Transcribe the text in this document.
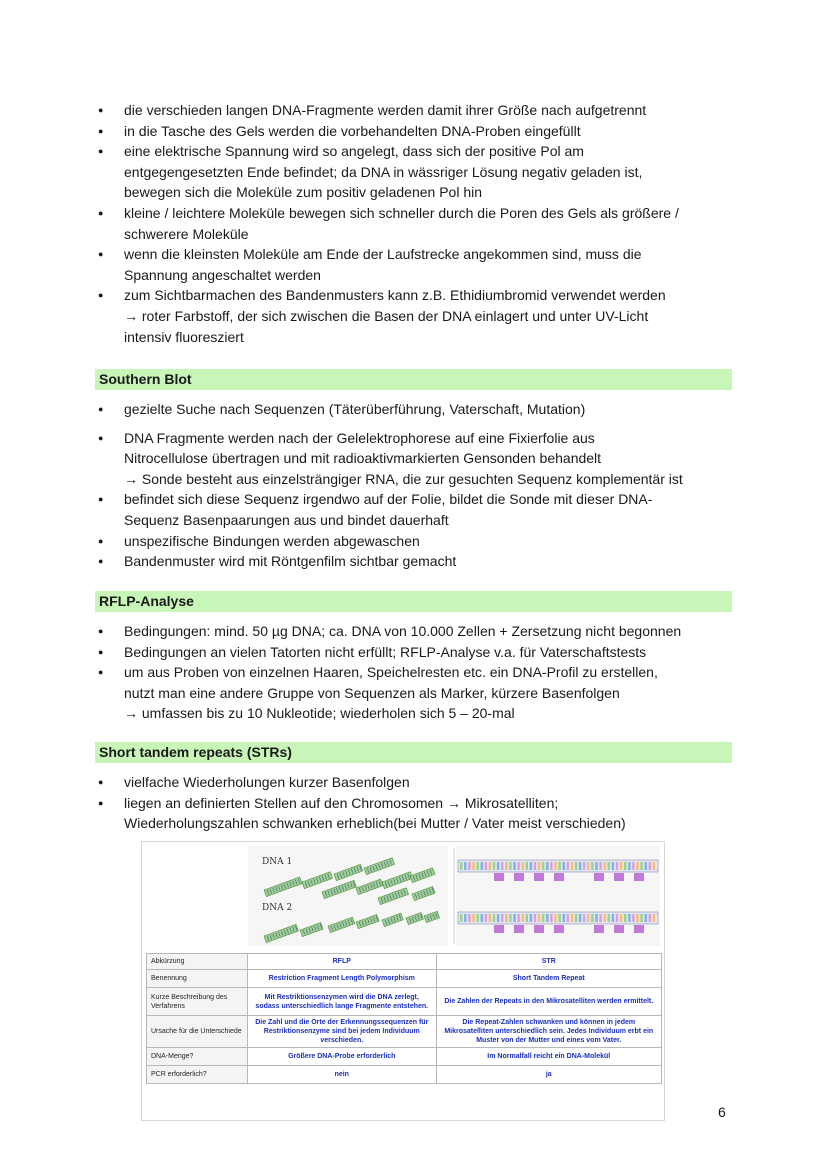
● die verschieden langen DNA-Fragmente werden damit ihrer Größe nach aufgetrennt
● in die Tasche des Gels werden die vorbehandelten DNA-Proben eingefüllt
● eine elektrische Spannung wird so angelegt, dass sich der positive Pol am
entgegengesetzten Ende befindet; da DNA in wässriger Lösung negativ geladen ist,
bewegen sich die Moleküle zum positiv geladenen Pol hin
● kleine / leichtere Moleküle bewegen sich schneller durch die Poren des Gels als größere /
schwerere Moleküle
● wenn die kleinsten Moleküle am Ende der Laufstrecke angekommen sind, muss die
Spannung angeschaltet werden
● zum Sichtbarmachen des Bandenmusters kann z.B. Ethidiumbromid verwendet werden
→ roter Farbstoff, der sich zwischen die Basen der DNA einlagert und unter UV-Licht
intensiv fluoresziert
Southern Blot
● gezielte Suche nach Sequenzen (Täterüberführung, Vaterschaft, Mutation)
● DNA Fragmente werden nach der Gelelektrophorese auf eine Fixierfolie aus
Nitrocellulose übertragen und mit radioaktivmarkierten Gensonden behandelt
→ Sonde besteht aus einzelsträngiger RNA, die zur gesuchten Sequenz komplementär ist
● befindet sich diese Sequenz irgendwo auf der Folie, bildet die Sonde mit dieser DNA-
Sequenz Basenpaarungen aus und bindet dauerhaft
● unspezifische Bindungen werden abgewaschen
● Bandenmuster wird mit Röntgenfilm sichtbar gemacht
RFLP-Analyse
● Bedingungen: mind. 50 µg DNA; ca. DNA von 10.000 Zellen + Zersetzung nicht begonnen
● Bedingungen an vielen Tatorten nicht erfüllt; RFLP-Analyse v.a. für Vaterschaftstests
● um aus Proben von einzelnen Haaren, Speichelresten etc. ein DNA-Profil zu erstellen,
nutzt man eine andere Gruppe von Sequenzen als Marker, kürzere Basenfolgen
→ umfassen bis zu 10 Nukleotide; wiederholen sich 5 – 20-mal
Short tandem repeats (STRs)
● vielfache Wiederholungen kurzer Basenfolgen
● liegen an definierten Stellen auf den Chromosomen → Mikrosatelliten;
Wiederholungszahlen schwanken erheblich(bei Mutter / Vater meist verschieden)
DNA 1
DNA 2
Abkürzung	RFLP	STR
Benennung	Restriction Fragment Length Polymorphism	Short Tandem Repeat
Kurze Beschreibung des Verfahrens	Mit Restriktionsenzymen wird die DNA zerlegt, sodass unterschiedlich lange Fragmente entstehen.	Die Zahlen der Repeats in den Mikrosatelliten werden ermittelt.
Ursache für die Unterschiede	Die Zahl und die Orte der Erkennungssequenzen für Restriktionsenzyme sind bei jedem Individuum verschieden.	Die Repeat-Zahlen schwanken und können in jedem Mikrosatelliten unterschiedlich sein. Jedes Individuum erbt ein Muster von der Mutter und eines vom Vater.
DNA-Menge?	Größere DNA-Probe erforderlich	Im Normalfall reicht ein DNA-Molekül
PCR erforderlich?	nein	ja
6
